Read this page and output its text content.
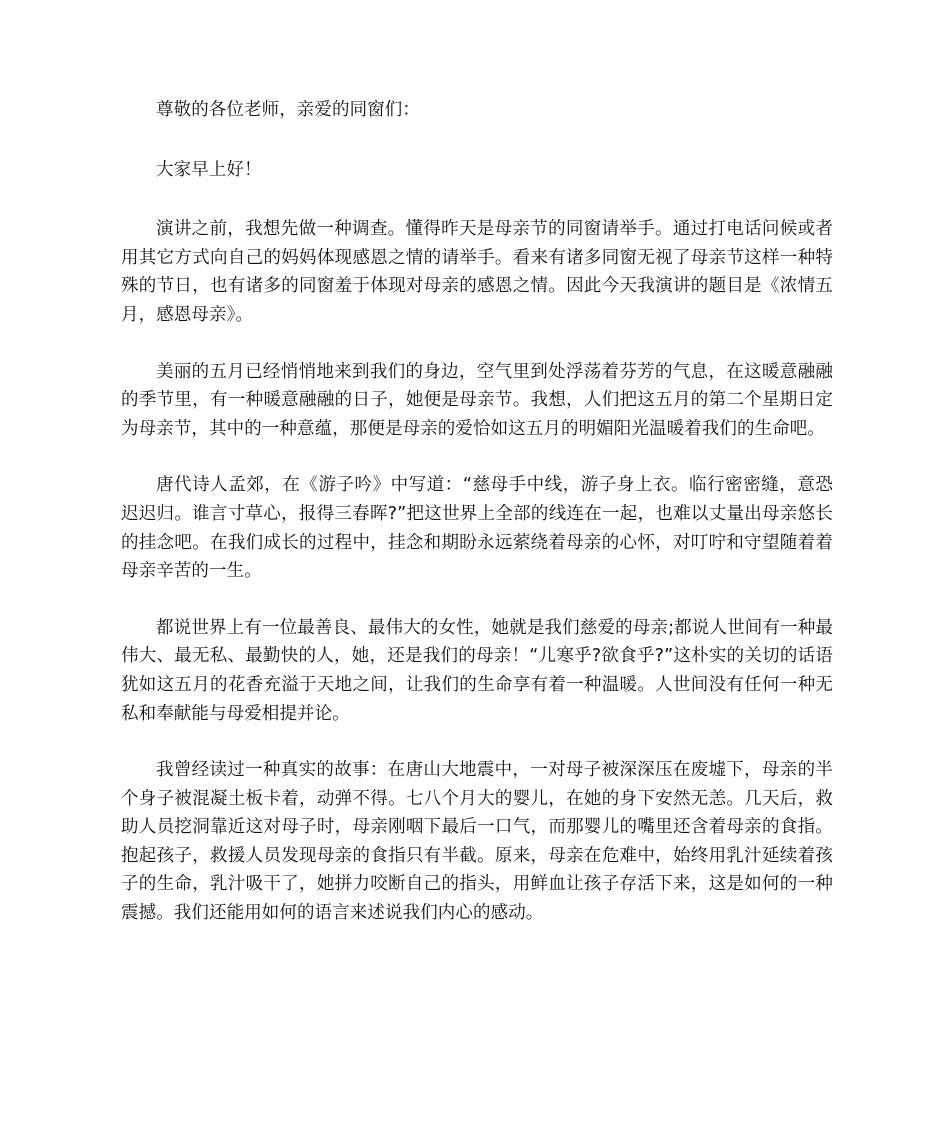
尊敬的各位老师，亲爱的同窗们：

大家早上好！

演讲之前，我想先做一种调查。懂得昨天是母亲节的同窗请举手。通过打电话问候或者用其它方式向自己的妈妈体现感恩之情的请举手。看来有诸多同窗无视了母亲节这样一种特殊的节日，也有诸多的同窗羞于体现对母亲的感恩之情。因此今天我演讲的题目是《浓情五月，感恩母亲》。

美丽的五月已经悄悄地来到我们的身边，空气里到处浮荡着芬芳的气息，在这暖意融融的季节里，有一种暖意融融的日子，她便是母亲节。我想，人们把这五月的第二个星期日定为母亲节，其中的一种意蕴，那便是母亲的爱恰如这五月的明媚阳光温暖着我们的生命吧。

唐代诗人孟郊，在《游子吟》中写道：“慈母手中线，游子身上衣。临行密密缝，意恐迟迟归。谁言寸草心，报得三春晖?”把这世界上全部的线连在一起，也难以丈量出母亲悠长的挂念吧。在我们成长的过程中，挂念和期盼永远萦绕着母亲的心怀，对叮咛和守望随着着母亲辛苦的一生。

都说世界上有一位最善良、最伟大的女性，她就是我们慈爱的母亲;都说人世间有一种最伟大、最无私、最勤快的人，她，还是我们的母亲！“儿寒乎?欲食乎?”这朴实的关切的话语犹如这五月的花香充溢于天地之间，让我们的生命享有着一种温暖。人世间没有任何一种无私和奉献能与母爱相提并论。

我曾经读过一种真实的故事：在唐山大地震中，一对母子被深深压在废墟下，母亲的半个身子被混凝土板卡着，动弹不得。七八个月大的婴儿，在她的身下安然无恙。几天后，救助人员挖洞靠近这对母子时，母亲刚咽下最后一口气，而那婴儿的嘴里还含着母亲的食指。抱起孩子，救援人员发现母亲的食指只有半截。原来，母亲在危难中，始终用乳汁延续着孩子的生命，乳汁吸干了，她拼力咬断自己的指头，用鲜血让孩子存活下来，这是如何的一种震撼。我们还能用如何的语言来述说我们内心的感动。
